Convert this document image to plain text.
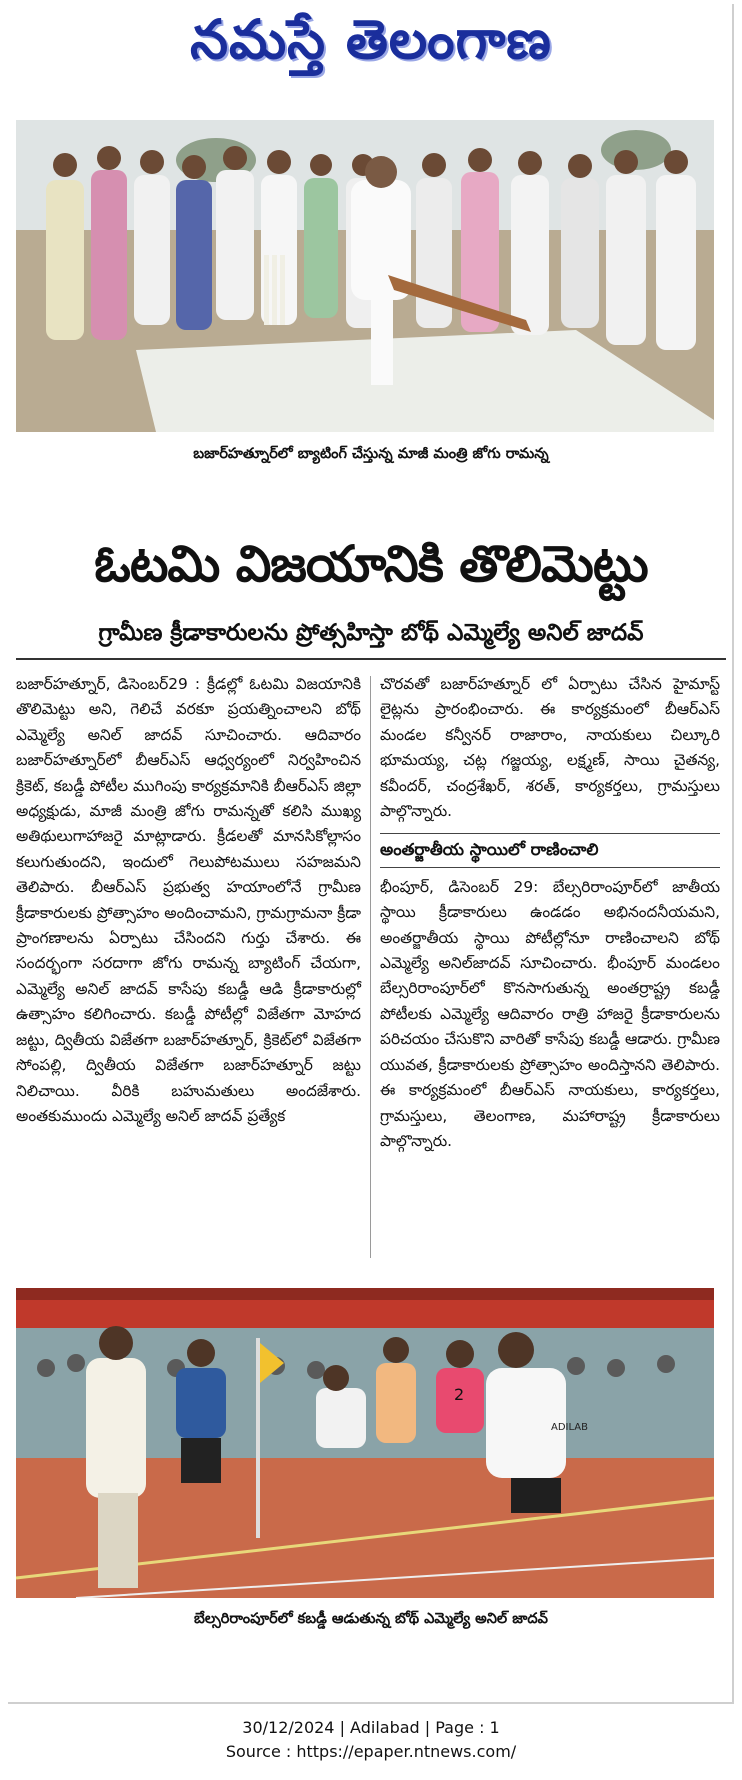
నమస్తే తెలంగాణ
బజార్‌హత్నూర్‌లో బ్యాటింగ్ చేస్తున్న మాజీ మంత్రి జోగు రామన్న
ఓటమి విజయానికి తొలిమెట్టు
గ్రామీణ క్రీడాకారులను ప్రోత్సహిస్తా బోథ్ ఎమ్మెల్యే అనిల్ జాదవ్

బజార్‌హత్నూర్, డిసెంబర్29 : క్రీడల్లో ఓటమి విజయానికి తొలిమెట్టు అని, గెలిచే వరకూ ప్రయత్నించాలని బోథ్ ఎమ్మెల్యే అనిల్ జాదవ్ సూచించారు. ఆదివారం బజార్‌హత్నూర్‌లో బీఆర్‌ఎస్ ఆధ్వర్యంలో నిర్వహించిన క్రికెట్, కబడ్డీ పోటీల ముగింపు కార్యక్రమానికి బీఆర్‌ఎస్ జిల్లా అధ్యక్షుడు, మాజీ మంత్రి జోగు రామన్నతో కలిసి ముఖ్య అతిథులుగాహాజరై మాట్లాడారు. క్రీడలతో మానసికోల్లాసం కలుగుతుందని, ఇందులో గెలుపోటములు సహజమని తెలిపారు. బీఆర్‌ఎస్ ప్రభుత్వ హయాంలోనే గ్రామీణ క్రీడాకారులకు ప్రోత్సాహం అందించామని, గ్రామగ్రామనా క్రీడా ప్రాంగణాలను ఏర్పాటు చేసిందని గుర్తు చేశారు. ఈ సందర్భంగా సరదాగా జోగు రామన్న బ్యాటింగ్ చేయగా, ఎమ్మెల్యే అనిల్ జాదవ్ కాసేపు కబడ్డీ ఆడి క్రీడాకారుల్లో ఉత్సాహం కలిగించారు. కబడ్డీ పోటీల్లో విజేతగా మోహద జట్టు, ద్వితీయ విజేతగా బజార్‌హత్నూర్, క్రికెట్‌లో విజేతగా సోంపల్లి, ద్వితీయ విజేతగా బజార్‌హత్నూర్ జట్టు నిలిచాయి. వీరికి బహుమతులు అందజేశారు. అంతకుముందు ఎమ్మెల్యే అనిల్ జాదవ్ ప్రత్యేక

చొరవతో బజార్‌హత్నూర్ లో ఏర్పాటు చేసిన హైమాస్ట్ లైట్లను ప్రారంభించారు. ఈ కార్యక్రమంలో బీఆర్‌ఎస్ మండల కన్వీనర్ రాజారాం, నాయకులు చిల్కూరి భూమయ్య, చట్ల గజ్జయ్య, లక్ష్మణ్, సాయి చైతన్య, కవీందర్, చంద్రశేఖర్, శరత్, కార్యకర్తలు, గ్రామస్తులు పాల్గొన్నారు.

అంతర్జాతీయ స్థాయిలో రాణించాలి

భీంపూర్, డిసెంబర్ 29: బేల్సరిరాంపూర్‌లో జాతీయ స్థాయి క్రీడాకారులు ఉండడం అభినందనీయమని, అంతర్జాతీయ స్థాయి పోటీల్లోనూ రాణించాలని బోథ్ ఎమ్మెల్యే అనిల్‌జాదవ్ సూచించారు. భీంపూర్ మండలం బేల్సరిరాంపూర్‌లో కొనసాగుతున్న అంతర్రాష్ట్ర కబడ్డీ పోటీలకు ఎమ్మెల్యే ఆదివారం రాత్రి హాజరై క్రీడాకారులను పరిచయం చేసుకొని వారితో కాసేపు కబడ్డీ ఆడారు. గ్రామీణ యువత, క్రీడాకారులకు ప్రోత్సాహం అందిస్తానని తెలిపారు. ఈ కార్యక్రమంలో బీఆర్‌ఎస్ నాయకులు, కార్యకర్తలు, గ్రామస్తులు, తెలంగాణ, మహారాష్ట్ర క్రీడాకారులు పాల్గొన్నారు.

2
ADILAB
బేల్సరిరాంపూర్‌లో కబడ్డీ ఆడుతున్న బోథ్ ఎమ్మెల్యే అనిల్ జాదవ్
30/12/2024 | Adilabad | Page : 1
Source : https://epaper.ntnews.com/
